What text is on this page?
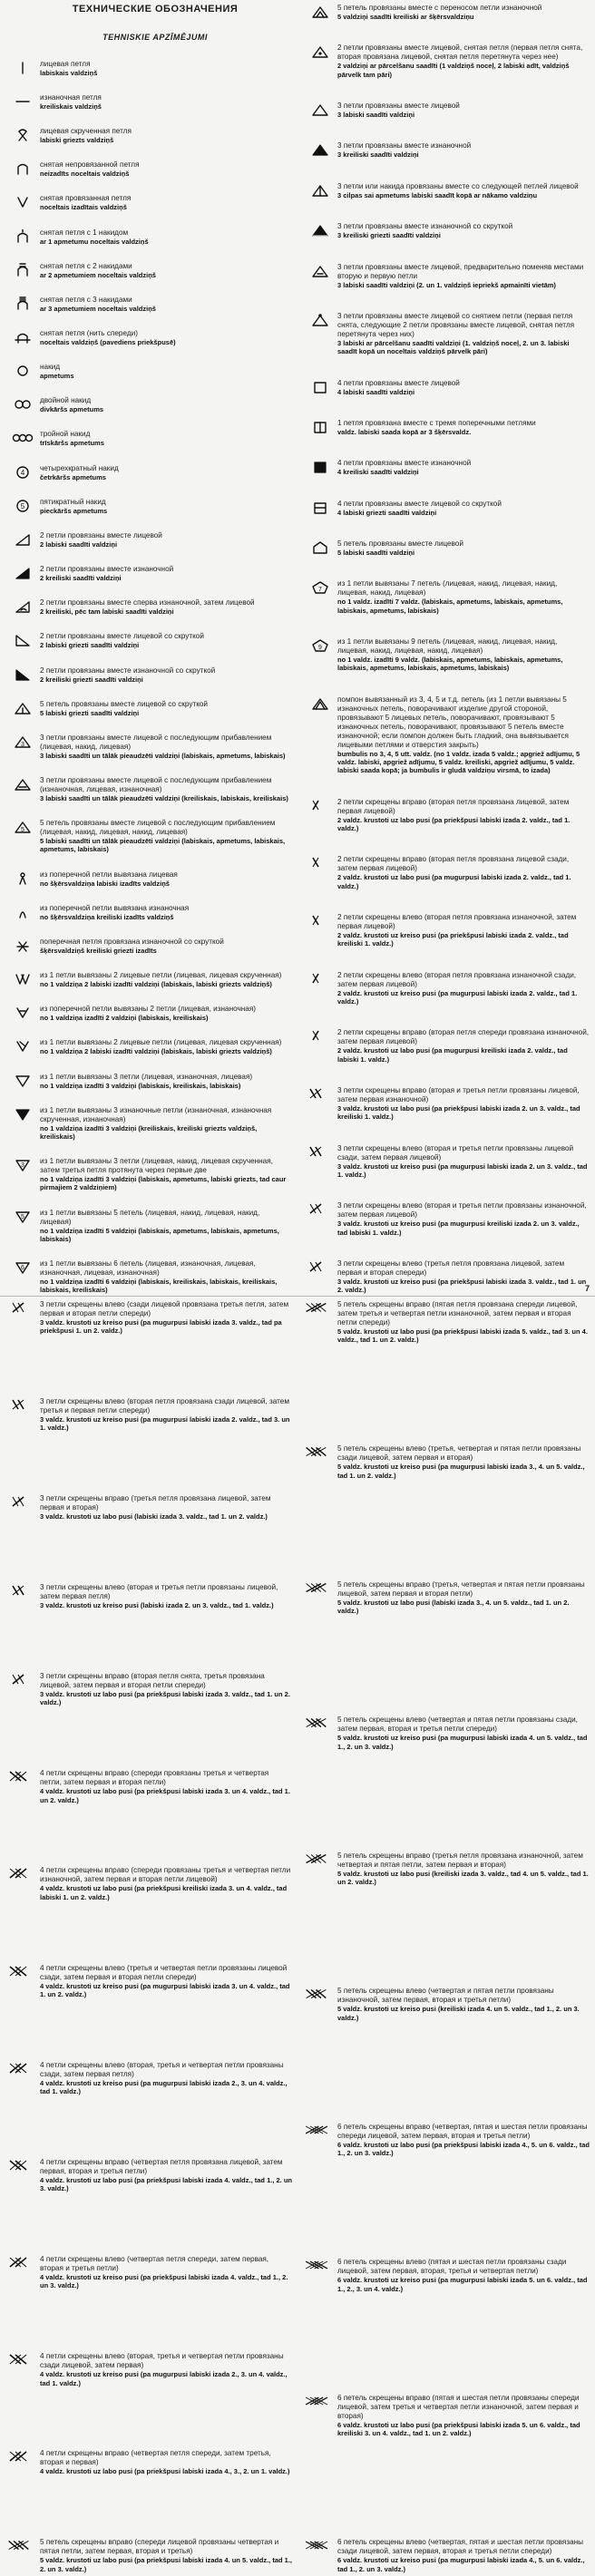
ТЕХНИЧЕСКИЕ ОБОЗНАЧЕНИЯ
TEHNISKIE APZĪMĒJUMI
лицевая петля
labiskais valdziņš
изнаночная петля
kreiliskais valdziņš
лицевая скрученная петля
labiski griezts valdziņš
снятая непровязанной петля
neizadīts noceltais valdziņš
снятая провязанная петля
noceltais izadītais valdziņš
снятая петля с 1 накидом
ar 1 apmetumu noceltais valdziņš
снятая петля с 2 накидами
ar 2 apmetumiem noceltais valdziņš
снятая петля с 3 накидами
ar 3 apmetumiem noceltais valdziņš
снятая петля (нить спереди)
noceltais valdziņš (pavediens priekšpusē)
накид
apmetums
двойной накид
divkāršs apmetums
тройной накид
trīskāršs apmetums
4
четырехкратный накид
četrkāršs apmetums
5
пятикратный накид
pieckāršs apmetums
2 петли провязаны вместе лицевой
2 labiski saadīti valdziņi
2 петли провязаны вместе изнаночной
2 kreiliski saadīti valdziņi
2 петли провязаны вместе сперва изнаночной, затем лицевой
2 kreiliski, pēc tam labiski saadīti valdziņi
2 петли провязаны вместе лицевой со скруткой
2 labiski griezti saadīti valdziņi
2 петли провязаны вместе изнаночной со скруткой
2 kreiliski griezti saadīti valdziņi
5 петель провязаны вместе лицевой со скруткой
5 labiski griezti saadīti valdziņi
3
3 петли провязаны вместе лицевой с последующим прибавлением (лицевая, накид, лицевая)
3 labiski saadīti un tālāk pieaudzēti valdziņi (labiskais, apmetums, labiskais)
3 петли провязаны вместе лицевой с последующим прибавлением (изнаночная, лицевая, изнаночная)
3 labiski saadīti un tālāk pieaudzēti valdziņi (kreiliskais, labiskais, kreiliskais)
5
5 петель провязаны вместе лицевой с последующим прибавлением (лицевая, накид, лицевая, накид, лицевая)
5 labiski saadīti un tālāk pieaudzēti valdziņi (labiskais, apmetums, labiskais, apmetums, labiskais)
из поперечной петли вывязана лицевая
no šķērsvaldziņa labiski izadīts valdziņš
из поперечной петли вывязана изнаночная
no šķērsvaldziņa kreiliski izadīts valdziņš
поперечная петля провязана изнаночной со скруткой
šķērsvaldziņš kreiliski griezti izadīts
из 1 петли вывязаны 2 лицевые петли (лицевая, лицевая скрученная)
no 1 valdziņa 2 labiski izadīti valdziņi (labiskais, labiski griezts valdziņš)
из поперечной петли вывязаны 2 петли (лицевая, изнаночная)
no 1 valdziņa izadīti 2 valdziņi (labiskais, kreiliskais)
из 1 петли вывязаны 2 лицевые петли (лицевая, лицевая скрученная)
no 1 valdziņa 2 labiski izadīti valdziņi (labiskais, labiski griezts valdziņš)
из 1 петли вывязаны 3 петли (лицевая, изнаночная, лицевая)
no 1 valdziņa izadīti 3 valdziņi (labiskais, kreiliskais, labiskais)
из 1 петли вывязаны 3 изнаночные петли (изнаночная, изнаночная скрученная, изнаночная)
no 1 valdziņa izadīti 3 valdziņi (kreiliskais, kreiliski griezts valdziņš, kreiliskais)
3
из 1 петли вывязаны 3 петли (лицевая, накид, лицевая скрученная, затем третья петля протянута через первые две
no 1 valdziņa izadīti 3 valdziņi (labiskais, apmetums, labiski griezts, tad caur pirmajiem 2 valdziņiem)
5
из 1 петли вывязаны 5 петель (лицевая, накид, лицевая, накид, лицевая)
no 1 valdziņa izadīti 5 valdziņi (labiskais, apmetums, labiskais, apmetums, labiskais)
6
из 1 петли вывязаны 6 петель (лицевая, изнаночная, лицевая, изнаночная, лицевая, изнаночная)
no 1 valdziņa izadīti 6 valdziņi (labiskais, kreiliskais, labiskais, kreiliskais, labiskais, kreiliskais)
5 петель провязаны вместе с переносом петли изнаночной
5 valdziņi saadīti kreiliski ar šķērsvaldziņu
2 петли провязаны вместе лицевой, снятая петля (первая петля снята, вторая провязана лицевой, снятая петля перетянута через нее)
2 valdziņi ar pārcelšanu saadīti (1 valdziņš noceļ, 2 labiski adīt, valdziņš pārvelk tam pāri)
3 петли провязаны вместе лицевой
3 labiski saadīti valdziņi
3 петли провязаны вместе изнаночной
3 kreiliski saadīti valdziņi
3 петли или накида провязаны вместе со следующей петлей лицевой
3 cilpas sai apmetums labiski saadīt kopā ar nākamo valdziņu
3 петли провязаны вместе изнаночной со скруткой
3 kreiliski griezti saadīti valdziņi
3 петли провязаны вместе лицевой, предварительно поменяв местами вторую и первую петли
3 labiski saadīti valdziņi (2. un 1. valdziņš iepriekš apmainīti vietām)
3 петли провязаны вместе лицевой со снятием петли (первая петля снята, следующие 2 петли провязаны вместе лицевой, снятая петля перетянута через них)
3 labiski ar pārcelšanu saadīti valdziņi (1. valdziņš noceļ, 2. un 3. labiski saadīt kopā un noceltais valdziņš pārvelk pāri)
4 петли провязаны вместе лицевой
4 labiski saadīti valdziņi
1 петля провязана вместе с тремя поперечными петлями
valdz. labiski saada kopā ar 3 šķērsvaldz.
4 петли провязаны вместе изнаночной
4 kreiliski saadīti valdziņi
4 петли провязаны вместе лицевой со скруткой
4 labiski griezti saadīti valdziņi
5 петель провязаны вместе лицевой
5 labiski saadīti valdziņi
7
из 1 петли вывязаны 7 петель (лицевая, накид, лицевая, накид, лицевая, накид, лицевая)
no 1 valdz. izadīti 7 valdz. (labiskais, apmetums, labiskais, apmetums, labiskais, apmetums, labiskais)
9
из 1 петли вывязаны 9 петель (лицевая, накид, лицевая, накид, лицевая, накид, лицевая, накид, лицевая)
no 1 valdz. izadīti 9 valdz. (labiskais, apmetums, labiskais, apmetums, labiskais, apmetums, labiskais, apmetums, labiskais)
помпон вывязанный из 3, 4, 5 и т.д. петель (из 1 петли вывязаны 5 изнаночных петель, поворачивают изделие другой стороной, провязывают 5 лицевых петель, поворачивают, провязывают 5 изнаночных петель, поворачивают, провязывают 5 петель вместе изнаночной; если помпон должен быть гладкий, она вывязывается лицевыми петлями и отверстия закрыть)
bumbulis no 3, 4, 5 utt. valdz. (no 1 valdz. izada 5 valdz.; apgriež adījumu, 5 valdz. labiski, apgriež adījumu, 5 valdz. kreiliski, apgriež adījumu, 5 valdz. labiski saada kopā; ja bumbulis ir gludā valdziņu virsmā, to izada)
2 петли скрещены вправо (вторая петля провязана лицевой, затем первая лицевой)
2 valdz. krustoti uz labo pusi (pa priekšpusi labiski izada 2. valdz., tad 1. valdz.)
2 петли скрещены вправо (вторая петля провязана лицевой сзади, затем первая лицевой)
2 valdz. krustoti uz labo pusi (pa mugurpusi labiski izada 2. valdz., tad 1. valdz.)
2 петли скрещены влево (вторая петля провязана изнаночной, затем первая лицевой)
2 valdz. krustoti uz kreiso pusi (pa priekšpusi labiski izada 2. valdz., tad kreiliski 1. valdz.)
2 петли скрещены влево (вторая петля провязана изнаночной сзади, затем первая лицевой)
2 valdz. krustoti uz kreiso pusi (pa mugurpusi labiski izada 2. valdz., tad 1. valdz.)
2 петли скрещены вправо (вторая петля спереди провязана изнаночной, затем первая лицевой)
2 valdz. krustoti uz labo pusi (pa mugurpusi kreiliski izada 2. valdz., tad labiski 1. valdz.)
3 петли скрещены вправо (вторая и третья петли провязаны лицевой, затем первая изнаночной)
3 valdz. krustoti uz labo pusi (pa priekšpusi labiski izada 2. un 3. valdz., tad kreiliski 1. valdz.)
3 петли скрещены влево (вторая и третья петли провязаны лицевой сзади, затем первая лицевой)
3 valdz. krustoti uz kreiso pusi (pa mugurpusi labiski izada 2. un 3. valdz., tad 1. valdz.)
3 петли скрещены влево (вторая и третья петли провязаны изнаночной, затем первая лицевой)
3 valdz. krustoti uz kreiso pusi (pa mugurpusi kreiliski izada 2. un 3. valdz., tad labiski 1. valdz.)
3 петли скрещены влево (третья петля провязана лицевой, затем первая и вторая спереди)
3 valdz. krustoti uz kreiso pusi (pa priekšpusi labiski izada 3. valdz., tad 1. un 2. valdz.)	7
3 петли скрещены влево (сзади лицевой провязана третья петля, затем первая и вторая петли спереди)
3 valdz. krustoti uz kreiso pusi (pa mugurpusi labiski izada 3. valdz., tad pa priekšpusi 1. un 2. valdz.)
3 петли скрещены влево (вторая петля провязана сзади лицевой, затем третья и первая петли спереди)
3 valdz. krustoti uz kreiso pusi (pa mugurpusi labiski izada 2. valdz., tad 3. un 1. valdz.)
3 петли скрещены вправо (третья петля провязана лицевой, затем первая и вторая)
3 valdz. krustoti uz labo pusi (labiski izada 3. valdz., tad 1. un 2. valdz.)
3 петли скрещены влево (вторая и третья петли провязаны лицевой, затем первая петля)
3 valdz. krustoti uz kreiso pusi (labiski izada 2. un 3. valdz., tad 1. valdz.)
3 петли скрещены вправо (вторая петля снята, третья провязана лицевой, затем первая и вторая петли спереди)
3 valdz. krustoti uz labo pusi (pa priekšpusi labiski izada 3. valdz., tad 1. un 2. valdz.)
4 петли скрещены вправо (спереди провязаны третья и четвертая петли, затем первая и вторая петли)
4 valdz. krustoti uz labo pusi (pa priekšpusi labiski izada 3. un 4. valdz., tad 1. un 2. valdz.)
4 петли скрещены вправо (спереди провязаны третья и четвертая петли изнаночной, затем первая и вторая петли лицевой)
4 valdz. krustoti uz labo pusi (pa priekšpusi kreiliski izada 3. un 4. valdz., tad labiski 1. un 2. valdz.)
4 петли скрещены влево (третья и четвертая петли провязаны лицевой сзади, затем первая и вторая петли спереди)
4 valdz. krustoti uz kreiso pusi (pa mugurpusi labiski izada 3. un 4. valdz., tad 1. un 2. valdz.)
4 петли скрещены влево (вторая, третья и четвертая петли провязаны сзади, затем первая петля)
4 valdz. krustoti uz kreiso pusi (pa mugurpusi labiski izada 2., 3. un 4. valdz., tad 1. valdz.)
4 петли скрещены вправо (четвертая петля провязана лицевой, затем первая, вторая и третья петли)
4 valdz. krustoti uz labo pusi (pa priekšpusi labiski izada 4. valdz., tad 1., 2. un 3. valdz.)
4 петли скрещены влево (четвертая петля спереди, затем первая, вторая и третья петли)
4 valdz. krustoti uz kreiso pusi (pa priekšpusi labiski izada 4. valdz., tad 1., 2. un 3. valdz.)
4 петли скрещены влево (вторая, третья и четвертая петли провязаны сзади лицевой, затем первая)
4 valdz. krustoti uz kreiso pusi (pa mugurpusi labiski izada 2., 3. un 4. valdz., tad 1. valdz.)
4 петли скрещены вправо (четвертая петля спереди, затем третья, вторая и первая)
4 valdz. krustoti uz labo pusi (pa priekšpusi labiski izada 4., 3., 2. un 1. valdz.)
5 петель скрещены вправо (спереди лицевой провязаны четвертая и пятая петли, затем первая, вторая и третья)
5 valdz. krustoti uz labo pusi (pa priekšpusi labiski izada 4. un 5. valdz., tad 1., 2. un 3. valdz.)
5 петель скрещены вправо (пятая петля провязана спереди лицевой, затем третья и четвертая петли изнаночной, затем первая и вторая петли спереди)
5 valdz. krustoti uz labo pusi (pa priekšpusi labiski izada 5. valdz., tad 3. un 4. valdz., tad 1. un 2. valdz.)
5 петель скрещены влево (третья, четвертая и пятая петли провязаны сзади лицевой, затем первая и вторая)
5 valdz. krustoti uz kreiso pusi (pa mugurpusi labiski izada 3., 4. un 5. valdz., tad 1. un 2. valdz.)
5 петель скрещены вправо (третья, четвертая и пятая петли провязаны лицевой, затем первая и вторая петли)
5 valdz. krustoti uz labo pusi (labiski izada 3., 4. un 5. valdz., tad 1. un 2. valdz.)
5 петель скрещены влево (четвертая и пятая петли провязаны сзади, затем первая, вторая и третья петли спереди)
5 valdz. krustoti uz kreiso pusi (pa mugurpusi labiski izada 4. un 5. valdz., tad 1., 2. un 3. valdz.)
5 петель скрещены вправо (третья петля провязана изнаночной, затем четвертая и пятая петли, затем первая и вторая)
5 valdz. krustoti uz labo pusi (kreiliski izada 3. valdz., tad 4. un 5. valdz., tad 1. un 2. valdz.)
5 петель скрещены влево (четвертая и пятая петли провязаны изнаночной, затем первая, вторая и третья петли)
5 valdz. krustoti uz kreiso pusi (kreiliski izada 4. un 5. valdz., tad 1., 2. un 3. valdz.)
6 петель скрещены вправо (четвертая, пятая и шестая петли провязаны спереди лицевой, затем первая, вторая и третья петли)
6 valdz. krustoti uz labo pusi (pa priekšpusi labiski izada 4., 5. un 6. valdz., tad 1., 2. un 3. valdz.)
6 петель скрещены влево (пятая и шестая петли провязаны сзади лицевой, затем первая, вторая, третья и четвертая петли)
6 valdz. krustoti uz kreiso pusi (pa mugurpusi labiski izada 5. un 6. valdz., tad 1., 2., 3. un 4. valdz.)
6 петель скрещены вправо (пятая и шестая петли провязаны спереди лицевой, затем третья и четвертая петли изнаночной, затем первая и вторая)
6 valdz. krustoti uz labo pusi (pa priekšpusi labiski izada 5. un 6. valdz., tad kreiliski 3. un 4. valdz., tad 1. un 2. valdz.)
6 петель скрещены влево (четвертая, пятая и шестая петли провязаны сзади лицевой, затем первая, вторая и третья петли спереди)
6 valdz. krustoti uz kreiso pusi (pa mugurpusi labiski izada 4., 5. un 6. valdz., tad 1., 2. un 3. valdz.)
